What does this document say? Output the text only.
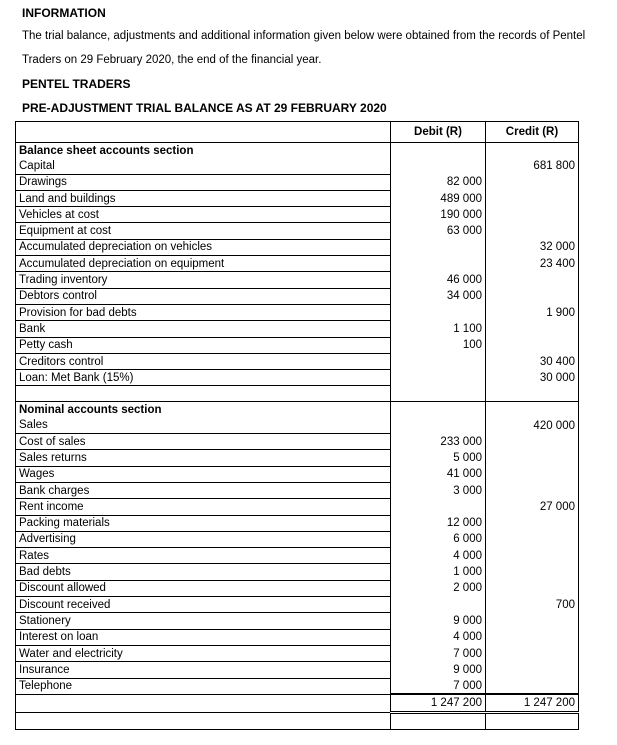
INFORMATION
The trial balance, adjustments and additional information given below were obtained from the records of Pentel
Traders on 29 February 2020, the end of the financial year.
PENTEL TRADERS
PRE-ADJUSTMENT TRIAL BALANCE AS AT 29 FEBRUARY 2020
	Debit (R)	Credit (R)
Balance sheet accounts section		
Capital		681 800
Drawings	82 000	
Land and buildings	489 000	
Vehicles at cost	190 000	
Equipment at cost	63 000	
Accumulated depreciation on vehicles		32 000
Accumulated depreciation on equipment		23 400
Trading inventory	46 000	
Debtors control	34 000	
Provision for bad debts		1 900
Bank	1 100	
Petty cash	100	
Creditors control		30 400
Loan: Met Bank (15%)		30 000

Nominal accounts section		
Sales		420 000
Cost of sales	233 000	
Sales returns	5 000	
Wages	41 000	
Bank charges	3 000	
Rent income		27 000
Packing materials	12 000	
Advertising	6 000	
Rates	4 000	
Bad debts	1 000	
Discount allowed	2 000	
Discount received		700
Stationery	9 000	
Interest on loan	4 000	
Water and electricity	7 000	
Insurance	9 000	
Telephone	7 000	
	1 247 200	1 247 200
